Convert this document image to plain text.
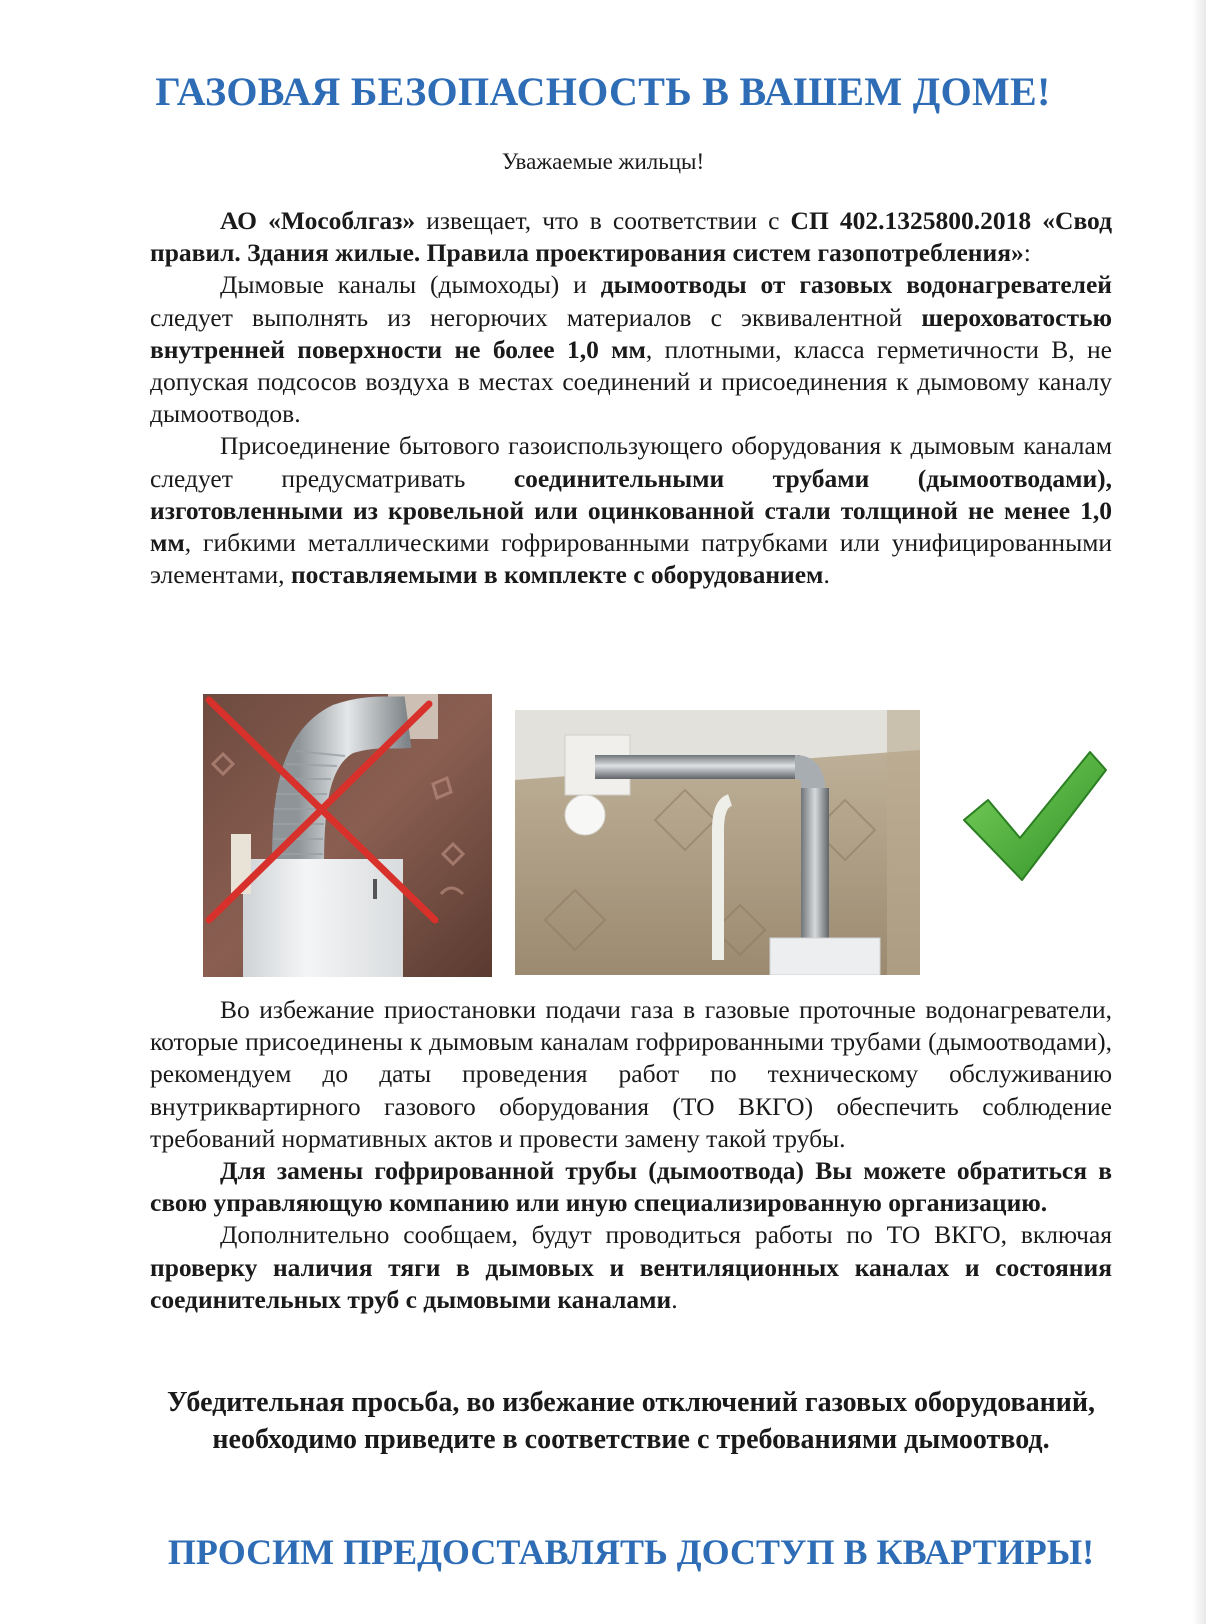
ГАЗОВАЯ БЕЗОПАСНОСТЬ В ВАШЕМ ДОМЕ!

Уважаемые жильцы!

АО «Мособлгаз» извещает, что в соответствии с СП 402.1325800.2018 «Свод правил. Здания жилые. Правила проектирования систем газопотребления»:

Дымовые каналы (дымоходы) и дымоотводы от газовых водонагревателей следует выполнять из негорючих материалов с эквивалентной шероховатостью внутренней поверхности не более 1,0 мм, плотными, класса герметичности В, не допуская подсосов воздуха в местах соединений и присоединения к дымовому каналу дымоотводов.

Присоединение бытового газоиспользующего оборудования к дымовым каналам следует предусматривать соединительными трубами (дымоотводами), изготовленными из кровельной или оцинкованной стали толщиной не менее 1,0 мм, гибкими металлическими гофрированными патрубками или унифицированными элементами, поставляемыми в комплекте с оборудованием.

Во избежание приостановки подачи газа в газовые проточные водонагреватели, которые присоединены к дымовым каналам гофрированными трубами (дымоотводами), рекомендуем до даты проведения работ по техническому обслуживанию внутриквартирного газового оборудования (ТО ВКГО) обеспечить соблюдение требований нормативных актов и провести замену такой трубы.

Для замены гофрированной трубы (дымоотвода) Вы можете обратиться в свою управляющую компанию или иную специализированную организацию.

Дополнительно сообщаем, будут проводиться работы по ТО ВКГО, включая проверку наличия тяги в дымовых и вентиляционных каналах и состояния соединительных труб с дымовыми каналами.

Убедительная просьба, во избежание отключений газовых оборудований, необходимо приведите в соответствие с требованиями дымоотвод.

ПРОСИМ ПРЕДОСТАВЛЯТЬ ДОСТУП В КВАРТИРЫ!
